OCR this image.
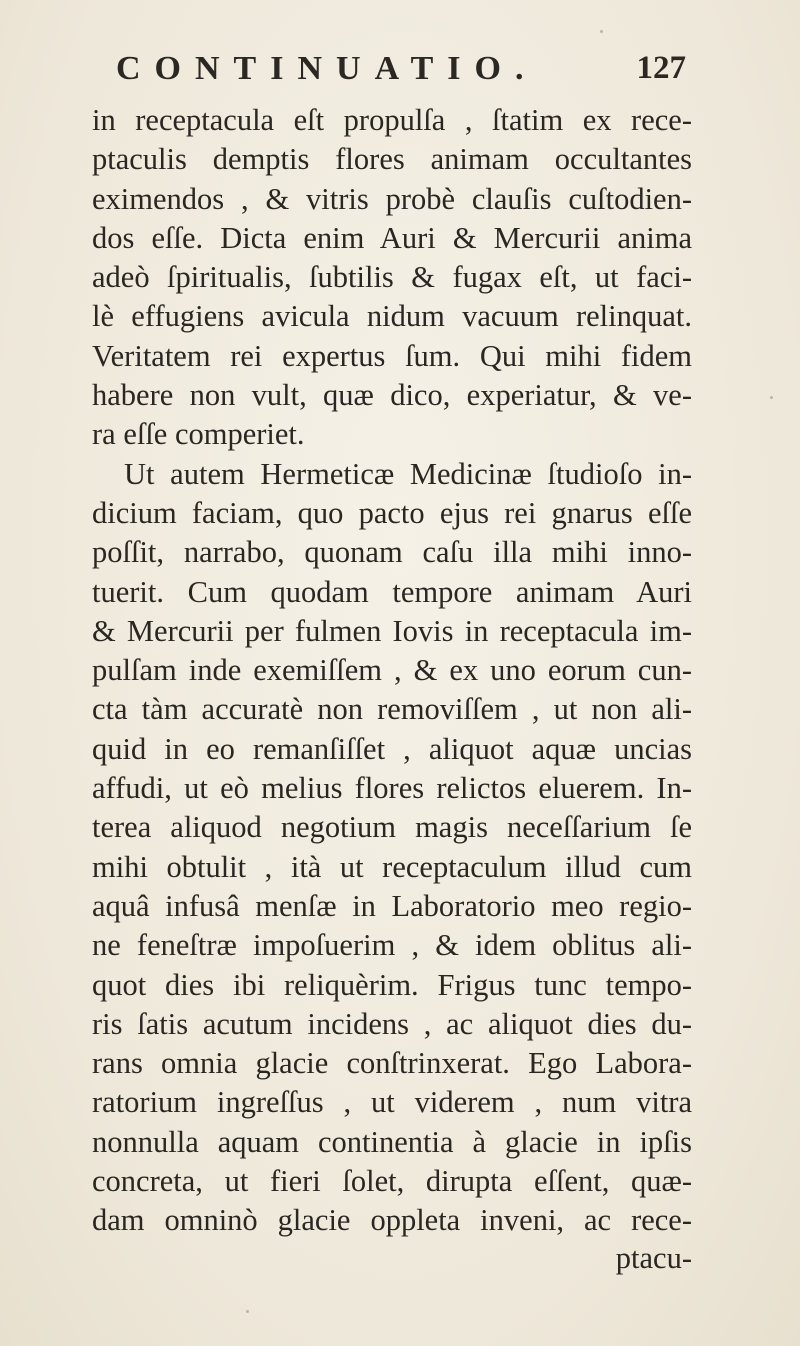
CONTINUATIO.	127
in receptacula eſt propulſa , ſtatim ex rece-
ptaculis demptis flores animam occultantes
eximendos , & vitris probè clauſis cuſtodien-
dos eſſe. Dicta enim Auri & Mercurii anima
adeò ſpiritualis, ſubtilis & fugax eſt, ut faci-
lè effugiens avicula nidum vacuum relinquat.
Veritatem rei expertus ſum. Qui mihi fidem
habere non vult, quæ dico, experiatur, & ve-
ra eſſe comperiet.
Ut autem Hermeticæ Medicinæ ſtudioſo in-
dicium faciam, quo pacto ejus rei gnarus eſſe
poſſit, narrabo, quonam caſu illa mihi inno-
tuerit. Cum quodam tempore animam Auri
& Mercurii per fulmen Iovis in receptacula im-
pulſam inde exemiſſem , & ex uno eorum cun-
cta tàm accuratè non removiſſem , ut non ali-
quid in eo remanſiſſet , aliquot aquæ uncias
affudi, ut eò melius flores relictos eluerem. In-
terea aliquod negotium magis neceſſarium ſe
mihi obtulit , ità ut receptaculum illud cum
aquâ infusâ menſæ in Laboratorio meo regio-
ne feneſtræ impoſuerim , & idem oblitus ali-
quot dies ibi reliquèrim. Frigus tunc tempo-
ris ſatis acutum incidens , ac aliquot dies du-
rans omnia glacie conſtrinxerat. Ego Labora-
ratorium ingreſſus , ut viderem , num vitra
nonnulla aquam continentia à glacie in ipſis
concreta, ut fieri ſolet, dirupta eſſent, quæ-
dam omninò glacie oppleta inveni, ac rece-
ptacu-
